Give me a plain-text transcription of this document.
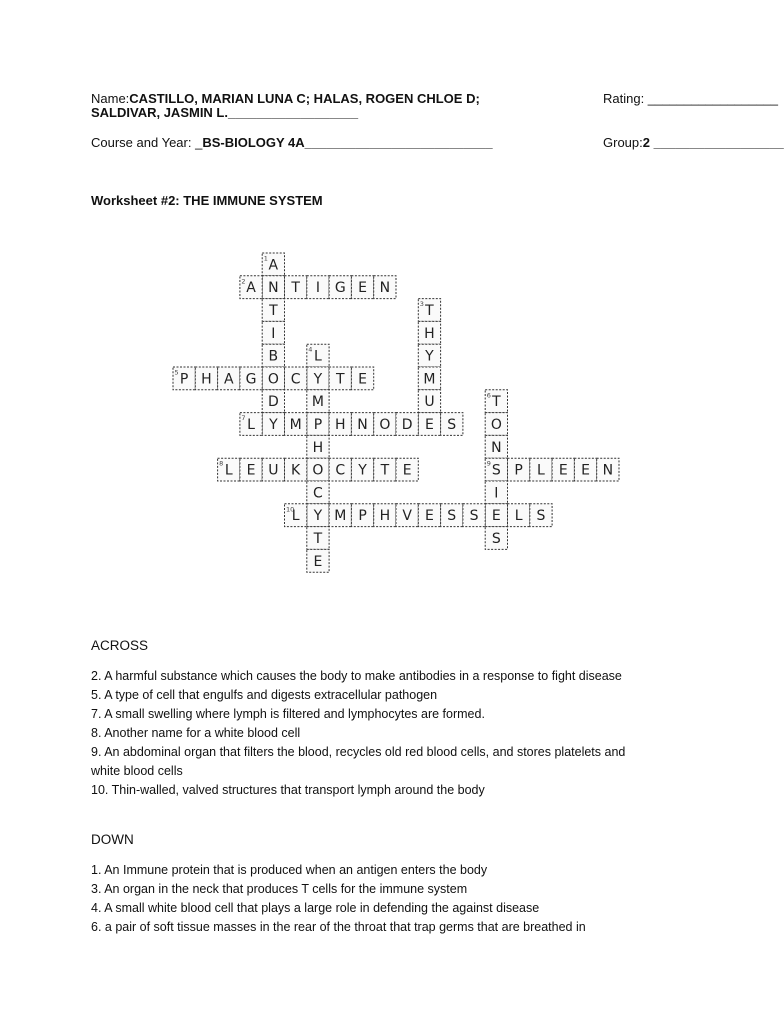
Name:CASTILLO, MARIAN LUNA C; HALAS, ROGEN CHLOE D;
SALDIVAR, JASMIN L.__________________
Rating: __________________
Course and Year: _BS-BIOLOGY 4A__________________________	Group:2 __________________
Worksheet #2: THE IMMUNE SYSTEM
A
1
N
T
I
B
O
D
Y
A
2	T I G E N
T
3
H
Y
M
U
E
L
4
Y
M
P
H
O
C
Y
T
E
P
5 H A G C	T E
T
6
O
N
S
9
I
E
S
L
7	M H N O D S
L
8 E U K	C Y T E	P L E E N
L
10	M P H V E S S	L S
ACROSS
2. A harmful substance which causes the body to make antibodies in a response to fight disease
5. A type of cell that engulfs and digests extracellular pathogen
7. A small swelling where lymph is filtered and lymphocytes are formed.
8. Another name for a white blood cell
9. An abdominal organ that filters the blood, recycles old red blood cells, and stores platelets and white blood cells
10. Thin-walled, valved structures that transport lymph around the body
DOWN
1. An Immune protein that is produced when an antigen enters the body
3. An organ in the neck that produces T cells for the immune system
4. A small white blood cell that plays a large role in defending the against disease
6. a pair of soft tissue masses in the rear of the throat that trap germs that are breathed in
